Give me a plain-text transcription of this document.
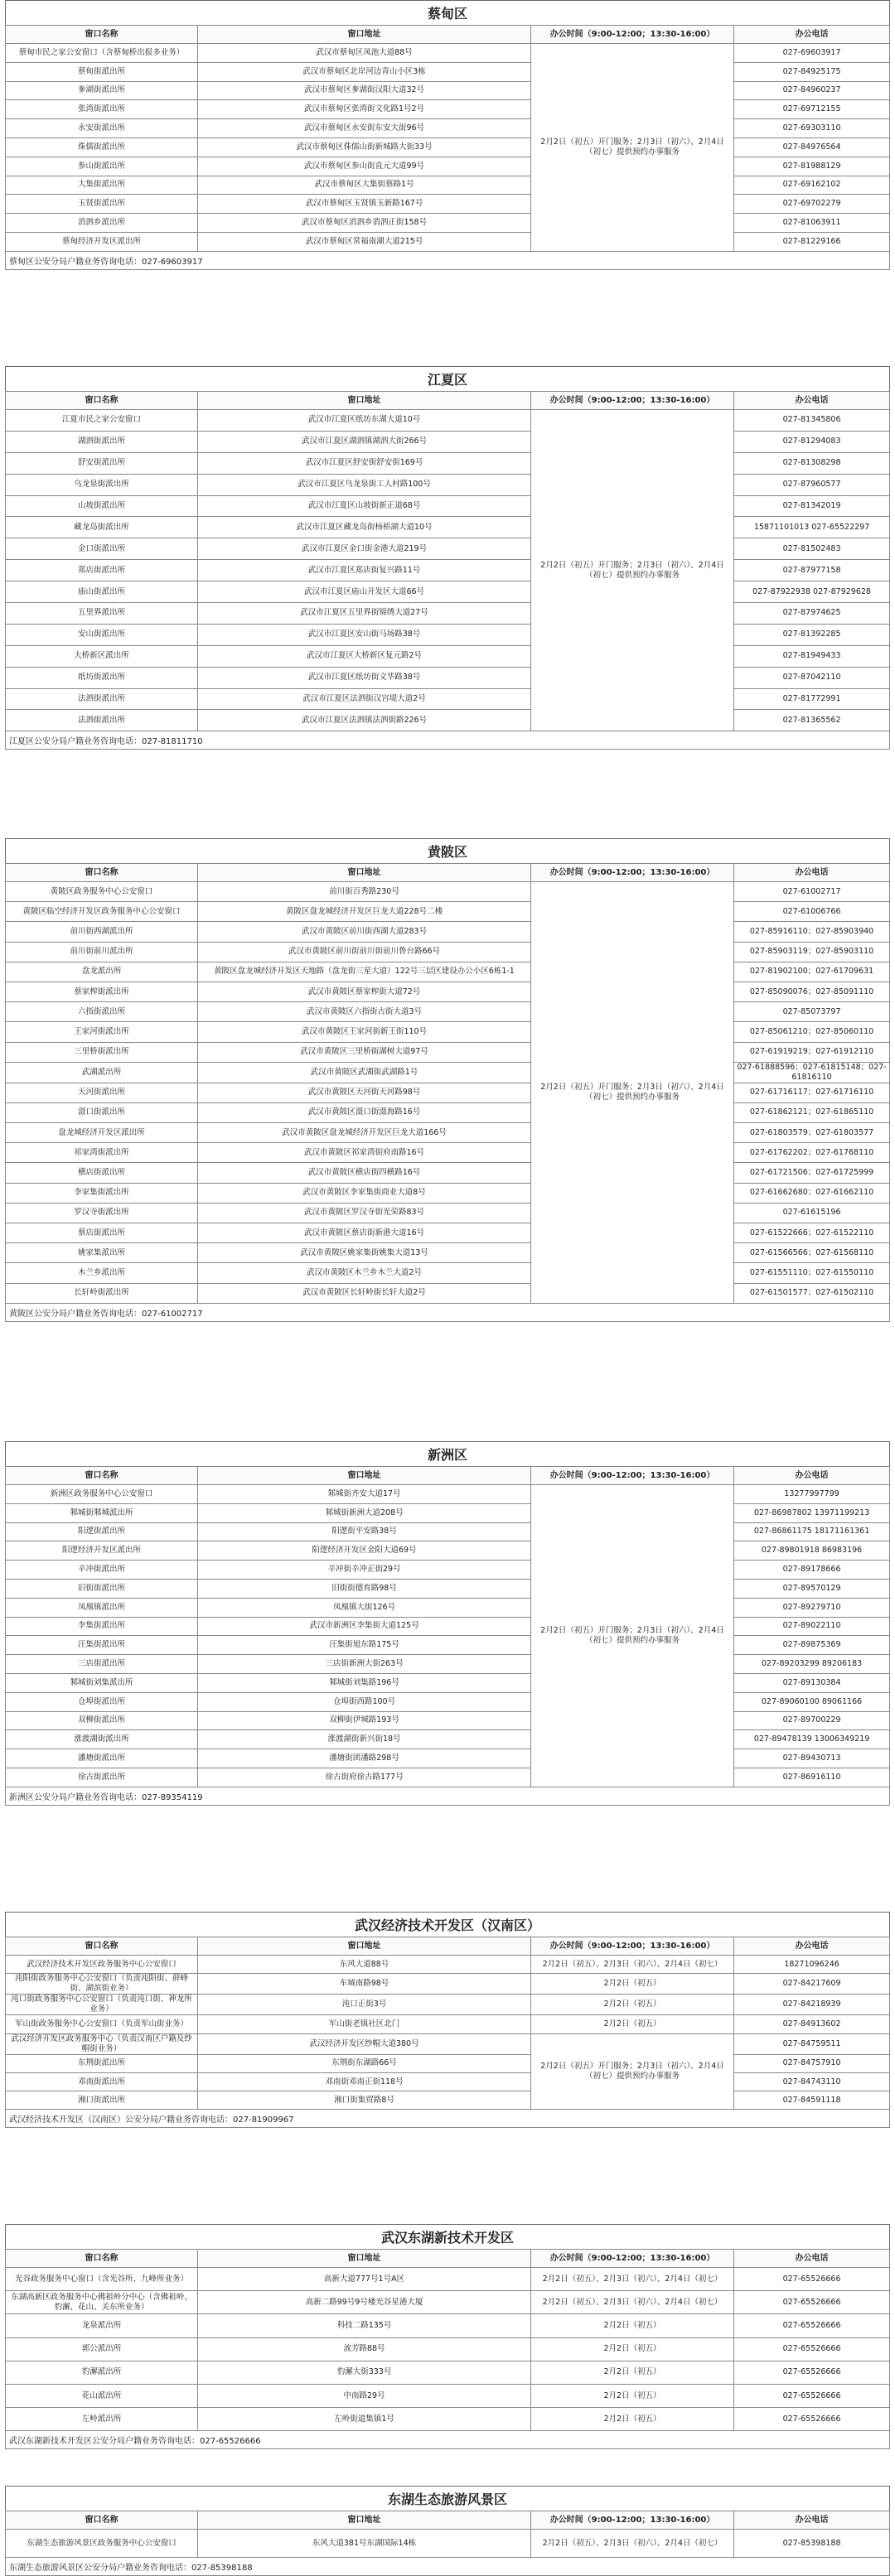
蔡甸区
窗口名称	窗口地址	办公时间（9:00-12:00；13:30-16:00）	办公电话
蔡甸市民之家公安窗口（含蔡甸桥出报多业务）	武汉市蔡甸区凤池大道88号	2月2日（初五）开门服务；2月3日（初六）、2月4日（初七）提供预约办事服务	027-69603917
蔡甸街派出所	武汉市蔡甸区北岸河边青山小区3栋		027-84925175
奓湖街派出所	武汉市蔡甸区奓湖街汉阳大道32号		027-84960237
张湾街派出所	武汉市蔡甸区张湾街文化路1号2号		027-69712155
永安街派出所	武汉市蔡甸区永安街东安大街96号		027-69303110
侏儒街派出所	武汉市蔡甸区侏儒山街新城路大街33号		027-84976564
参山街派出所	武汉市蔡甸区参山街直元大道99号		027-81988129
大集街派出所	武汉市蔡甸区大集街蔡路1号		027-69162102
玉贤街派出所	武汉市蔡甸区玉贤镇玉新路167号		027-69702279
消泗乡派出所	武汉市蔡甸区消泗乡消泗正街158号		027-81063911
蔡甸经济开发区派出所	武汉市蔡甸区常福南湖大道215号		027-81229166
蔡甸区公安分局户籍业务咨询电话：027-69603917
江夏区
窗口名称	窗口地址	办公时间（9:00-12:00；13:30-16:00）	办公电话
江夏市民之家公安窗口	武汉市江夏区纸坊东湖大道10号	2月2日（初五）开门服务；2月3日（初六）、2月4日（初七）提供预约办事服务	027-81345806
湖泗街派出所	武汉市江夏区湖泗镇湖泗大街266号		027-81294083
舒安街派出所	武汉市江夏区舒安街舒安街169号		027-81308298
乌龙泉街派出所	武汉市江夏区乌龙泉街工人村路100号		027-87960577
山坡街派出所	武汉市江夏区山坡街新正道68号		027-81342019
藏龙岛街派出所	武汉市江夏区藏龙岛街杨桥湖大道10号		15871101013 027-65522297
金口街派出所	武汉市江夏区金口街金港大道219号		027-81502483
郑店街派出所	武汉市江夏区郑店街复兴路11号		027-87977158
庙山街派出所	武汉市江夏区庙山开发区大道66号		027-87922938 027-87929628
五里界派出所	武汉市江夏区五里界街锦绣大道27号		027-87974625
安山街派出所	武汉市江夏区安山街马场路38号		027-81392285
大桥新区派出所	武汉市江夏区大桥新区复元路2号		027-81949433
纸坊街派出所	武汉市江夏区纸坊街文华路38号		027-87042110
法泗街派出所	武汉市江夏区法泗街汉宫堤大道2号		027-81772991
法泗街派出所	武汉市江夏区法泗镇法泗街路226号		027-81365562
江夏区公安分局户籍业务咨询电话：027-81811710
黄陂区
窗口名称	窗口地址	办公时间（9:00-12:00；13:30-16:00）	办公电话
黄陂区政务服务中心公安窗口	前川街百秀路230号	2月2日（初五）开门服务；2月3日（初六）、2月4日（初七）提供预约办事服务	027-61002717
黄陂区临空经济开发区政务服务中心公安窗口	黄陂区盘龙城经济开发区巨龙大道228号二楼		027-61006766
前川街西湖派出所	武汉市黄陂区前川街西湖大道283号		027-85916110；027-85903940
前川街前川派出所	武汉市黄陂区前川街前川街前川鲁台路66号		027-85903119；027-85903110
盘龙派出所	黄陂区盘龙城经济开发区天地路（盘龙街三星大道）122号三层区建设办公小区6栋1-1		027-81902100；027-61709631
蔡家榨街派出所	武汉市黄陂区蔡家榨街大道72号		027-85090076；027-85091110
六指街派出所	武汉市黄陂区六指街古街大道3号		027-85073797
王家河街派出所	武汉市黄陂区王家河街新王街110号		027-85061210；027-85060110
三里桥街派出所	武汉市黄陂区三里桥街湖树大道97号		027-61919219；027-61912110
武湖派出所	武汉市黄陂区武湖街武湖路1号		027-61888596；027-61815148；027-61816110
天河街派出所	武汉市黄陂区天河街天河路98号		027-61716117；027-61716110
滠口街派出所	武汉市黄陂区滠口街滠海路16号		027-61862121；027-61865110
盘龙城经济开发区派出所	武汉市黄陂区盘龙城经济开发区巨龙大道166号		027-61803579；027-61803577
祁家湾街派出所	武汉市黄陂区祁家湾街府南路16号		027-61762202；027-61768110
横店街派出所	武汉市黄陂区横店街四横路16号		027-61721506；027-61725999
李家集街派出所	武汉市黄陂区李家集街商业大道8号		027-61662680；027-61662110
罗汉寺街派出所	武汉市黄陂区罗汉寺街光荣路83号		027-61615196
蔡店街派出所	武汉市黄陂区蔡店街新港大道16号		027-61522666；027-61522110
姚家集派出所	武汉市黄陂区姚家集街姚集大道13号		027-61566566；027-61568110
木兰乡派出所	武汉市黄陂区木兰乡木兰大道2号		027-61551110；027-61550110
长轩岭街派出所	武汉市黄陂区长轩岭街长轩大道2号		027-61501577；027-61502110
黄陂区公安分局户籍业务咨询电话：027-61002717
新洲区
窗口名称	窗口地址	办公时间（9:00-12:00；13:30-16:00）	办公电话
新洲区政务服务中心公安窗口	邾城街齐安大道17号	2月2日（初五）开门服务；2月3日（初六）、2月4日（初七）提供预约办事服务	13277997799
邾城街邾城派出所	邾城街新洲大道208号		027-86987802 13971199213
阳逻街派出所	阳逻街平安路38号		027-86861175 18171161361
阳逻经济开发区派出所	阳逻经济开发区金阳大道69号		027-89801918 86983196
辛冲街派出所	辛冲街辛冲正街29号		027-89178666
旧街街派出所	旧街街德育路98号		027-89570129
凤凰镇派出所	凤凰镇大街126号		027-89279710
李集街派出所	武汉市新洲区李集街大道125号		027-89022110
汪集街派出所	汪集街旭东路175号		027-89875369
三店街派出所	三店街新洲大街263号		027-89203299 89206183
邾城街刘集派出所	邾城街刘集路196号		027-89130384
仓埠街派出所	仓埠街西路100号		027-89060100 89061166
双柳街派出所	双柳街伊城路193号		027-89700229
涨渡湖街派出所	涨渡湖街新兴街18号		027-89478139 13006349219
潘塘街派出所	潘塘街团潘路298号		027-89430713
徐古街派出所	徐古街府徐古路177号		027-86916110
新洲区公安分局户籍业务咨询电话：027-89354119
武汉经济技术开发区（汉南区）
窗口名称	窗口地址	办公时间（9:00-12:00；13:30-16:00）	办公电话
武汉经济技术开发区政务服务中心公安窗口	东风大道88号	2月2日（初五）、2月3日（初六）、2月4日（初七）	18271096246
沌阳街政务服务中心公安窗口（负责沌阳街、薛峰街、湖滨街业务）	车城南路98号	2月2日（初五）	027-84217609
沌口街政务服务中心公安窗口（负责沌口街、神龙所业务）	沌口正街3号	2月2日（初五）	027-84218939
军山街政务服务中心公安窗口（负责军山街业务）	军山街老镇社区北门	2月2日（初五）	027-84913602
武汉经济开发区政务服务中心（负责汉南区户籍及纱帽街业务）	武汉经济开发区纱帽大道380号	2月2日（初五）开门服务；2月3日（初六）、2月4日（初七）提供预约办事服务	027-84759511
东荆街派出所	东荆街东湖路66号		027-84757910
邓南街派出所	邓南街邓南正街118号		027-84743110
湘口街派出所	湘口街集贸路8号		027-84591118
武汉经济技术开发区（汉南区）公安分局户籍业务咨询电话：027-81909967
武汉东湖新技术开发区
窗口名称	窗口地址	办公时间（9:00-12:00；13:30-16:00）	办公电话
光谷政务服务中心窗口（含光谷所、九峰所业务）	高新大道777号1号A区	2月2日（初五）、2月3日（初六）、2月4日（初七）	027-65526666
东湖高新区政务服务中心佛祖岭分中心（含佛祖岭、豹澥、花山、关东所业务）	高新二路99号9号楼光谷星港大厦	2月2日（初五）、2月3日（初六）、2月4日（初七）	027-65526666
龙泉派出所	科技二路135号	2月2日（初五）	027-65526666
郭公派出所	流芳路88号	2月2日（初五）	027-65526666
豹澥派出所	豹澥大街333号	2月2日（初五）	027-65526666
花山派出所	中南路29号	2月2日（初五）	027-65526666
左岭派出所	左岭街道集镇1号	2月2日（初五）	027-65526666
武汉东湖新技术开发区公安分局户籍业务咨询电话：027-65526666
东湖生态旅游风景区
窗口名称	窗口地址	办公时间（9:00-12:00；13:30-16:00）	办公电话
东湖生态旅游风景区政务服务中心公安窗口	东风大道381号东湖国际14栋	2月2日（初五）、2月3日（初六）、2月4日（初七）	027-85398188
东湖生态旅游风景区公安分局户籍业务咨询电话：027-85398188
